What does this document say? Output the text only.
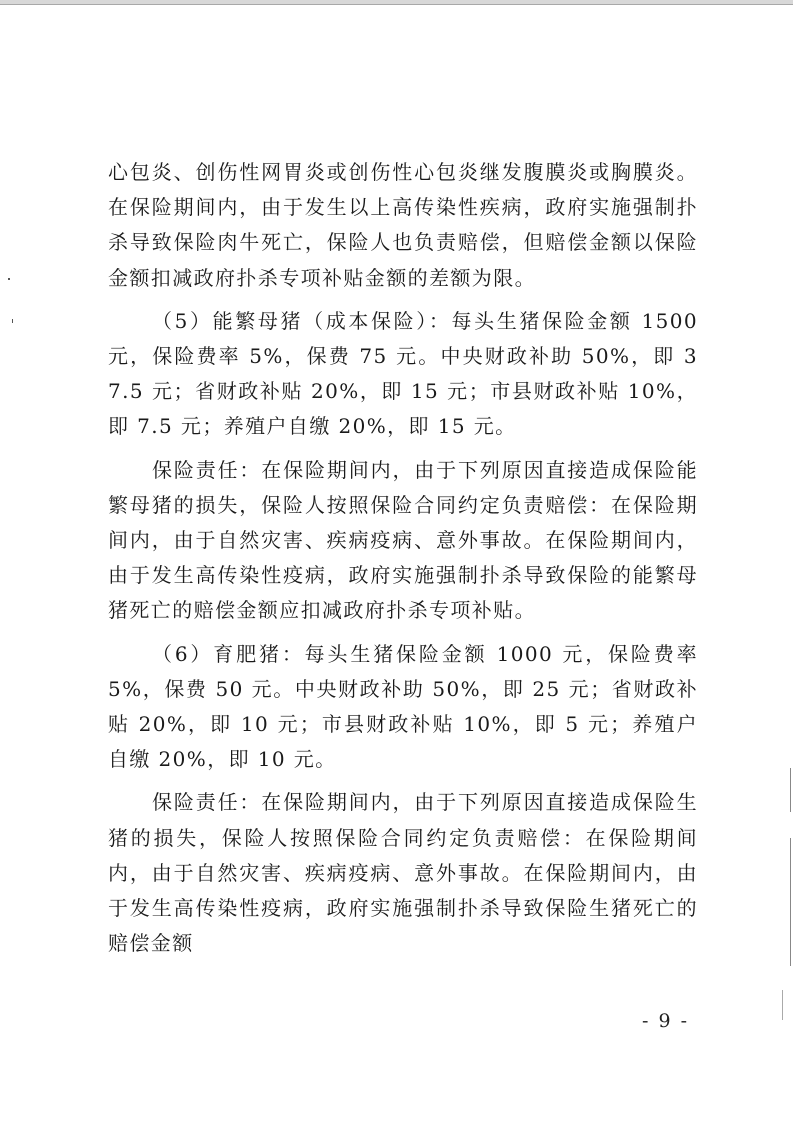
心包炎、创伤性网胃炎或创伤性心包炎继发腹膜炎或胸膜炎。在保险期间内，由于发生以上高传染性疾病，政府实施强制扑杀导致保险肉牛死亡，保险人也负责赔偿，但赔偿金额以保险金额扣减政府扑杀专项补贴金额的差额为限。

（5）能繁母猪（成本保险）：每头生猪保险金额 1500 元，保险费率 5%，保费 75 元。中央财政补助 50%，即 37.5 元；省财政补贴 20%，即 15 元；市县财政补贴 10%，即 7.5 元；养殖户自缴 20%，即 15 元。

保险责任：在保险期间内，由于下列原因直接造成保险能繁母猪的损失，保险人按照保险合同约定负责赔偿：在保险期间内，由于自然灾害、疾病疫病、意外事故。在保险期间内，由于发生高传染性疫病，政府实施强制扑杀导致保险的能繁母猪死亡的赔偿金额应扣减政府扑杀专项补贴。

（6）育肥猪：每头生猪保险金额 1000 元，保险费率 5%，保费 50 元。中央财政补助 50%，即 25 元；省财政补贴 20%，即 10 元；市县财政补贴 10%，即 5 元；养殖户自缴 20%，即 10 元。

保险责任：在保险期间内，由于下列原因直接造成保险生猪的损失，保险人按照保险合同约定负责赔偿：在保险期间内，由于自然灾害、疾病疫病、意外事故。在保险期间内，由于发生高传染性疫病，政府实施强制扑杀导致保险生猪死亡的赔偿金额

- 9 -
